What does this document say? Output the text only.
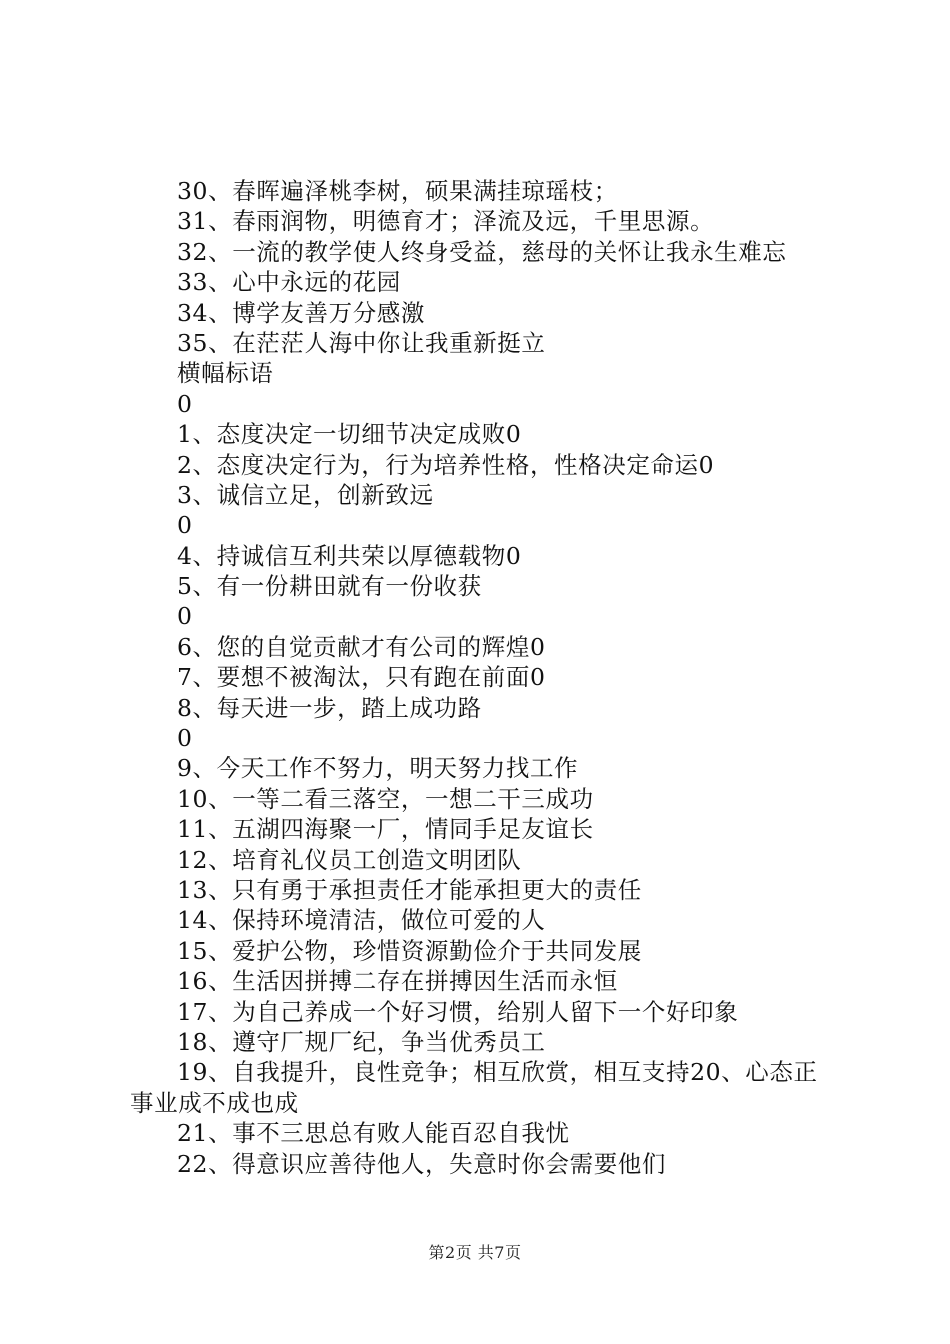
30、春晖遍泽桃李树，硕果满挂琼瑶枝；
31、春雨润物，明德育才；泽流及远，千里思源。
32、一流的教学使人终身受益，慈母的关怀让我永生难忘
33、心中永远的花园
34、博学友善万分感激
35、在茫茫人海中你让我重新挺立
横幅标语
0
1、态度决定一切细节决定成败0
2、态度决定行为，行为培养性格，性格决定命运0
3、诚信立足，创新致远
0
4、持诚信互利共荣以厚德载物0
5、有一份耕田就有一份收获
0
6、您的自觉贡献才有公司的辉煌0
7、要想不被淘汰，只有跑在前面0
8、每天进一步，踏上成功路
0
9、今天工作不努力，明天努力找工作
10、一等二看三落空，一想二干三成功
11、五湖四海聚一厂，情同手足友谊长
12、培育礼仪员工创造文明团队
13、只有勇于承担责任才能承担更大的责任
14、保持环境清洁，做位可爱的人
15、爱护公物，珍惜资源勤俭介于共同发展
16、生活因拼搏二存在拼搏因生活而永恒
17、为自己养成一个好习惯，给别人留下一个好印象
18、遵守厂规厂纪，争当优秀员工
19、自我提升，良性竞争；相互欣赏，相互支持20、心态正事业成不成也成
21、事不三思总有败人能百忍自我忧
22、得意识应善待他人，失意时你会需要他们
第2页 共7页
